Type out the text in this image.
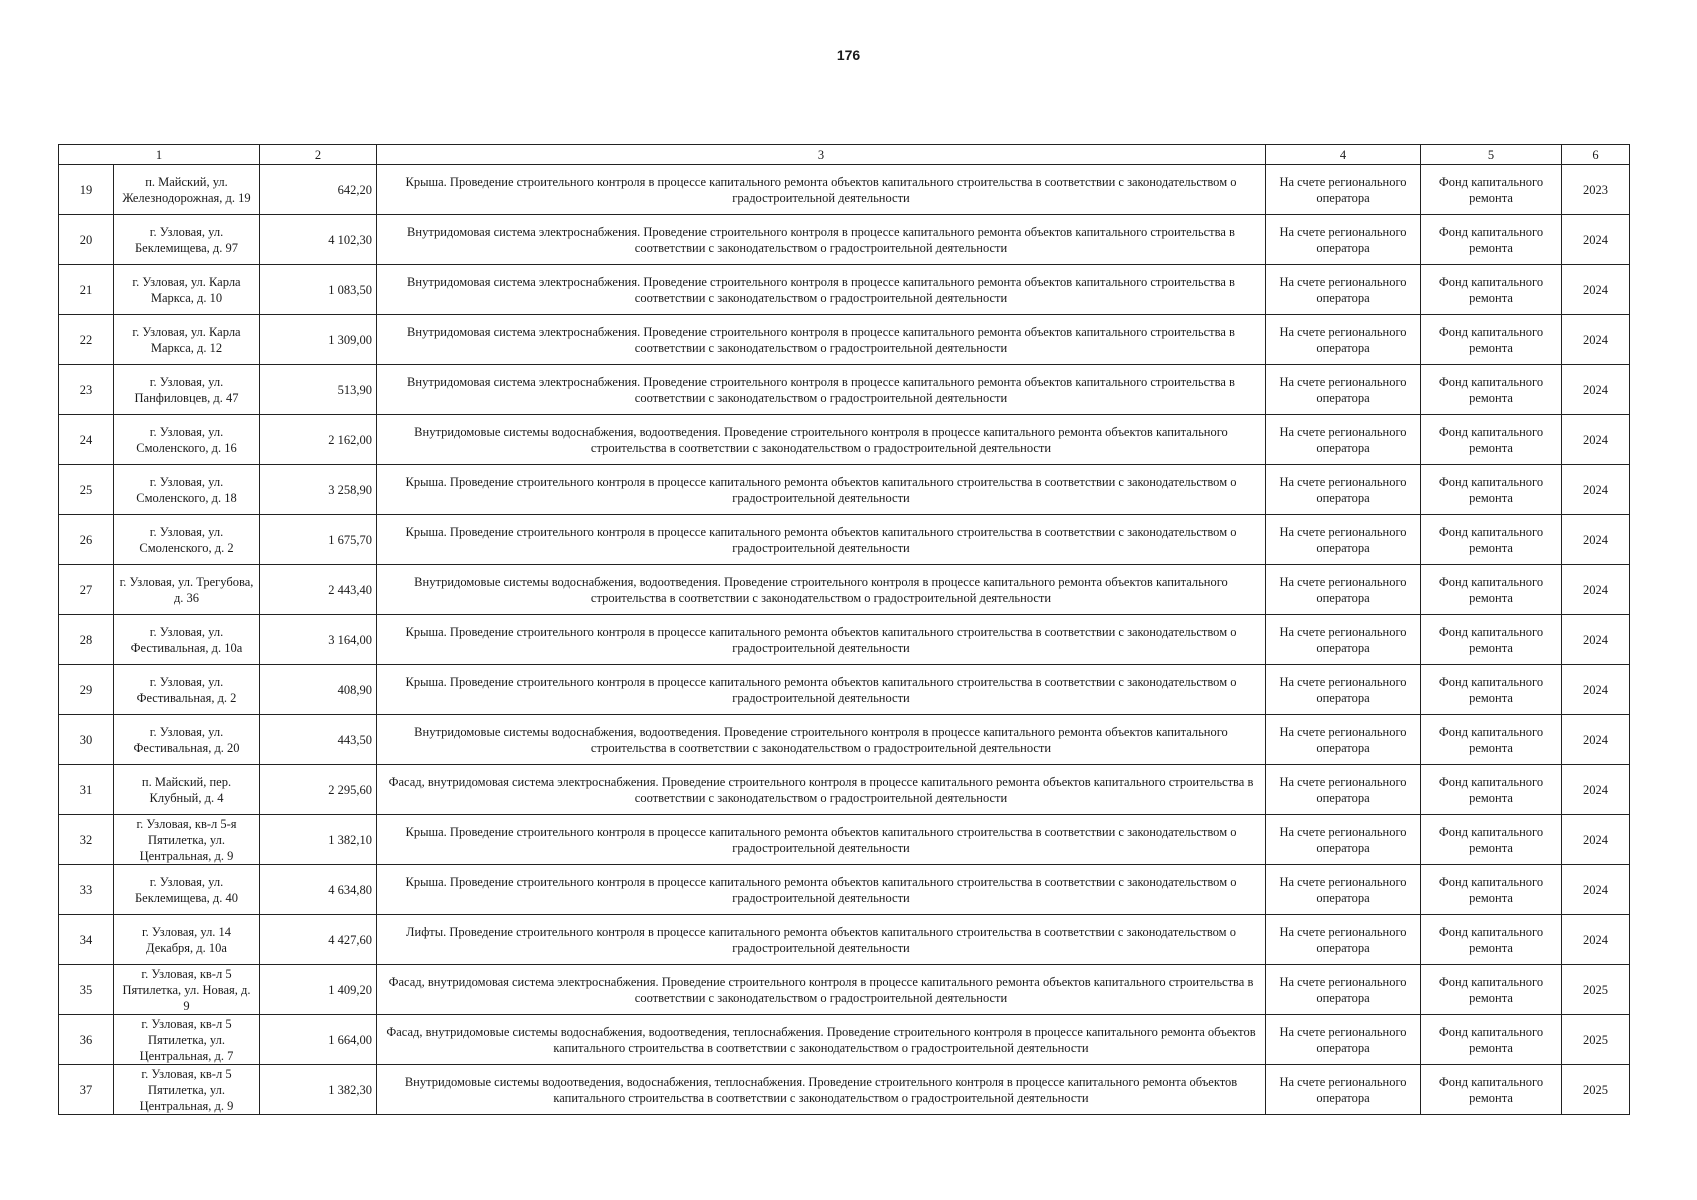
176
1		2	3	4	5	6
19	п. Майский, ул. Железнодорожная, д. 19	642,20	Крыша. Проведение строительного контроля в процессе капитального ремонта объектов капитального строительства в соответствии с законодательством о градостроительной деятельности	На счете регионального оператора	Фонд капитального ремонта	2023
20	г. Узловая, ул. Беклемищева, д. 97	4 102,30	Внутридомовая система электроснабжения. Проведение строительного контроля в процессе капитального ремонта объектов капитального строительства в соответствии с законодательством о градостроительной деятельности	На счете регионального оператора	Фонд капитального ремонта	2024
21	г. Узловая, ул. Карла Маркса, д. 10	1 083,50	Внутридомовая система электроснабжения. Проведение строительного контроля в процессе капитального ремонта объектов капитального строительства в соответствии с законодательством о градостроительной деятельности	На счете регионального оператора	Фонд капитального ремонта	2024
22	г. Узловая, ул. Карла Маркса, д. 12	1 309,00	Внутридомовая система электроснабжения. Проведение строительного контроля в процессе капитального ремонта объектов капитального строительства в соответствии с законодательством о градостроительной деятельности	На счете регионального оператора	Фонд капитального ремонта	2024
23	г. Узловая, ул. Панфиловцев, д. 47	513,90	Внутридомовая система электроснабжения. Проведение строительного контроля в процессе капитального ремонта объектов капитального строительства в соответствии с законодательством о градостроительной деятельности	На счете регионального оператора	Фонд капитального ремонта	2024
24	г. Узловая, ул. Смоленского, д. 16	2 162,00	Внутридомовые системы водоснабжения, водоотведения. Проведение строительного контроля в процессе капитального ремонта объектов капитального строительства в соответствии с законодательством о градостроительной деятельности	На счете регионального оператора	Фонд капитального ремонта	2024
25	г. Узловая, ул. Смоленского, д. 18	3 258,90	Крыша. Проведение строительного контроля в процессе капитального ремонта объектов капитального строительства в соответствии с законодательством о градостроительной деятельности	На счете регионального оператора	Фонд капитального ремонта	2024
26	г. Узловая, ул. Смоленского, д. 2	1 675,70	Крыша. Проведение строительного контроля в процессе капитального ремонта объектов капитального строительства в соответствии с законодательством о градостроительной деятельности	На счете регионального оператора	Фонд капитального ремонта	2024
27	г. Узловая, ул. Трегубова, д. 36	2 443,40	Внутридомовые системы водоснабжения, водоотведения. Проведение строительного контроля в процессе капитального ремонта объектов капитального строительства в соответствии с законодательством о градостроительной деятельности	На счете регионального оператора	Фонд капитального ремонта	2024
28	г. Узловая, ул. Фестивальная, д. 10а	3 164,00	Крыша. Проведение строительного контроля в процессе капитального ремонта объектов капитального строительства в соответствии с законодательством о градостроительной деятельности	На счете регионального оператора	Фонд капитального ремонта	2024
29	г. Узловая, ул. Фестивальная, д. 2	408,90	Крыша. Проведение строительного контроля в процессе капитального ремонта объектов капитального строительства в соответствии с законодательством о градостроительной деятельности	На счете регионального оператора	Фонд капитального ремонта	2024
30	г. Узловая, ул. Фестивальная, д. 20	443,50	Внутридомовые системы водоснабжения, водоотведения. Проведение строительного контроля в процессе капитального ремонта объектов капитального строительства в соответствии с законодательством о градостроительной деятельности	На счете регионального оператора	Фонд капитального ремонта	2024
31	п. Майский, пер. Клубный, д. 4	2 295,60	Фасад, внутридомовая система электроснабжения. Проведение строительного контроля в процессе капитального ремонта объектов капитального строительства в соответствии с законодательством о градостроительной деятельности	На счете регионального оператора	Фонд капитального ремонта	2024
32	г. Узловая, кв-л 5-я Пятилетка, ул. Центральная, д. 9	1 382,10	Крыша. Проведение строительного контроля в процессе капитального ремонта объектов капитального строительства в соответствии с законодательством о градостроительной деятельности	На счете регионального оператора	Фонд капитального ремонта	2024
33	г. Узловая, ул. Беклемищева, д. 40	4 634,80	Крыша. Проведение строительного контроля в процессе капитального ремонта объектов капитального строительства в соответствии с законодательством о градостроительной деятельности	На счете регионального оператора	Фонд капитального ремонта	2024
34	г. Узловая, ул. 14 Декабря, д. 10а	4 427,60	Лифты. Проведение строительного контроля в процессе капитального ремонта объектов капитального строительства в соответствии с законодательством о градостроительной деятельности	На счете регионального оператора	Фонд капитального ремонта	2024
35	г. Узловая, кв-л 5 Пятилетка, ул. Новая, д. 9	1 409,20	Фасад, внутридомовая система электроснабжения. Проведение строительного контроля в процессе капитального ремонта объектов капитального строительства в соответствии с законодательством о градостроительной деятельности	На счете регионального оператора	Фонд капитального ремонта	2025
36	г. Узловая, кв-л 5 Пятилетка, ул. Центральная, д. 7	1 664,00	Фасад, внутридомовые системы водоснабжения, водоотведения, теплоснабжения. Проведение строительного контроля в процессе капитального ремонта объектов капитального строительства в соответствии с законодательством о градостроительной деятельности	На счете регионального оператора	Фонд капитального ремонта	2025
37	г. Узловая, кв-л 5 Пятилетка, ул. Центральная, д. 9	1 382,30	Внутридомовые системы водоотведения, водоснабжения, теплоснабжения. Проведение строительного контроля в процессе капитального ремонта объектов капитального строительства в соответствии с законодательством о градостроительной деятельности	На счете регионального оператора	Фонд капитального ремонта	2025
